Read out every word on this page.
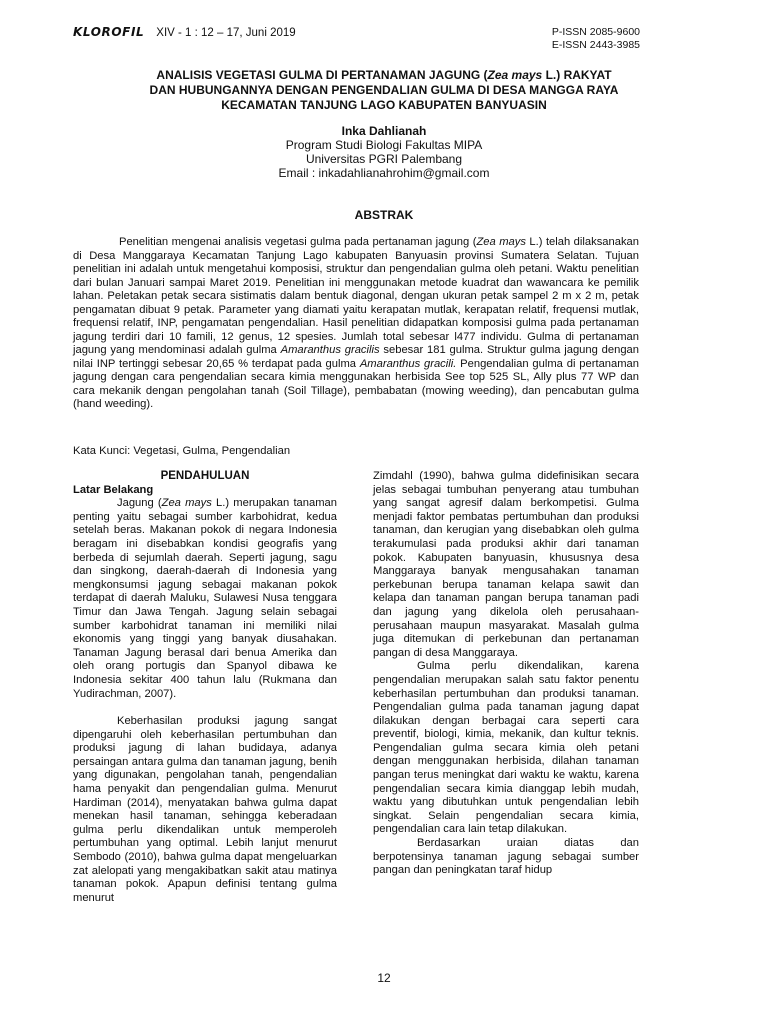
KLOROFIL XIV - 1 : 12 – 17, Juni 2019	P-ISSN 2085-9600
E-ISSN 2443-3985
ANALISIS VEGETASI GULMA DI PERTANAMAN JAGUNG (Zea mays L.) RAKYAT
DAN HUBUNGANNYA DENGAN PENGENDALIAN GULMA DI DESA MANGGA RAYA
KECAMATAN TANJUNG LAGO KABUPATEN BANYUASIN
Inka Dahlianah
Program Studi Biologi Fakultas MIPA
Universitas PGRI Palembang
Email : inkadahlianahrohim@gmail.com
ABSTRAK

Penelitian mengenai analisis vegetasi gulma pada pertanaman jagung (Zea mays L.) telah dilaksanakan di Desa Manggaraya Kecamatan Tanjung Lago kabupaten Banyuasin provinsi Sumatera Selatan. Tujuan penelitian ini adalah untuk mengetahui komposisi, struktur dan pengendalian gulma oleh petani. Waktu penelitian dari bulan Januari sampai Maret 2019. Penelitian ini menggunakan metode kuadrat dan wawancara ke pemilik lahan. Peletakan petak secara sistimatis dalam bentuk diagonal, dengan ukuran petak sampel 2 m x 2 m, petak pengamatan dibuat 9 petak. Parameter yang diamati yaitu kerapatan mutlak, kerapatan relatif, frequensi mutlak, frequensi relatif, INP, pengamatan pengendalian. Hasil penelitian didapatkan komposisi gulma pada pertanaman jagung terdiri dari 10 famili, 12 genus, 12 spesies. Jumlah total sebesar l477 individu. Gulma di pertanaman jagung yang mendominasi adalah gulma Amaranthus gracilis sebesar 181 gulma. Struktur gulma jagung dengan nilai INP tertinggi sebesar 20,65 % terdapat pada gulma Amaranthus gracili. Pengendalian gulma di pertanaman jagung dengan cara pengendalian secara kimia menggunakan herbisida See top 525 SL, Ally plus 77 WP dan cara mekanik dengan pengolahan tanah (Soil Tillage), pembabatan (mowing weeding), dan pencabutan gulma (hand weeding).

Kata Kunci: Vegetasi, Gulma, Pengendalian

PENDAHULUAN

Latar Belakang

Jagung (Zea mays L.) merupakan tanaman penting yaitu sebagai sumber karbohidrat, kedua setelah beras. Makanan pokok di negara Indonesia beragam ini disebabkan kondisi geografis yang berbeda di sejumlah daerah. Seperti jagung, sagu dan singkong, daerah-daerah di Indonesia yang mengkonsumsi jagung sebagai makanan pokok terdapat di daerah Maluku, Sulawesi Nusa tenggara Timur dan Jawa Tengah. Jagung selain sebagai sumber karbohidrat tanaman ini memiliki nilai ekonomis yang tinggi yang banyak diusahakan. Tanaman Jagung berasal dari benua Amerika dan oleh orang portugis dan Spanyol dibawa ke Indonesia sekitar 400 tahun lalu (Rukmana dan Yudirachman, 2007).

Keberhasilan produksi jagung sangat dipengaruhi oleh keberhasilan pertumbuhan dan produksi jagung di lahan budidaya, adanya persaingan antara gulma dan tanaman jagung, benih yang digunakan, pengolahan tanah, pengendalian hama penyakit dan pengendalian gulma. Menurut Hardiman (2014), menyatakan bahwa gulma dapat menekan hasil tanaman, sehingga keberadaan gulma perlu dikendalikan untuk memperoleh pertumbuhan yang optimal. Lebih lanjut menurut Sembodo (2010), bahwa gulma dapat mengeluarkan zat alelopati yang mengakibatkan sakit atau matinya tanaman pokok. Apapun definisi tentang gulma menurut

Zimdahl (1990), bahwa gulma didefinisikan secara jelas sebagai tumbuhan penyerang atau tumbuhan yang sangat agresif dalam berkompetisi. Gulma menjadi faktor pembatas pertumbuhan dan produksi tanaman, dan kerugian yang disebabkan oleh gulma terakumulasi pada produksi akhir dari tanaman pokok. Kabupaten banyuasin, khususnya desa Manggaraya banyak mengusahakan tanaman perkebunan berupa tanaman kelapa sawit dan kelapa dan tanaman pangan berupa tanaman padi dan jagung yang dikelola oleh perusahaan-perusahaan maupun masyarakat. Masalah gulma juga ditemukan di perkebunan dan pertanaman pangan di desa Manggaraya.

Gulma perlu dikendalikan, karena pengendalian merupakan salah satu faktor penentu keberhasilan pertumbuhan dan produksi tanaman. Pengendalian gulma pada tanaman jagung dapat dilakukan dengan berbagai cara seperti cara preventif, biologi, kimia, mekanik, dan kultur teknis. Pengendalian gulma secara kimia oleh petani dengan menggunakan herbisida, dilahan tanaman pangan terus meningkat dari waktu ke waktu, karena pengendalian secara kimia dianggap lebih mudah, waktu yang dibutuhkan untuk pengendalian lebih singkat. Selain pengendalian secara kimia, pengendalian cara lain tetap dilakukan.

Berdasarkan uraian diatas dan berpotensinya tanaman jagung sebagai sumber pangan dan peningkatan taraf hidup

12
